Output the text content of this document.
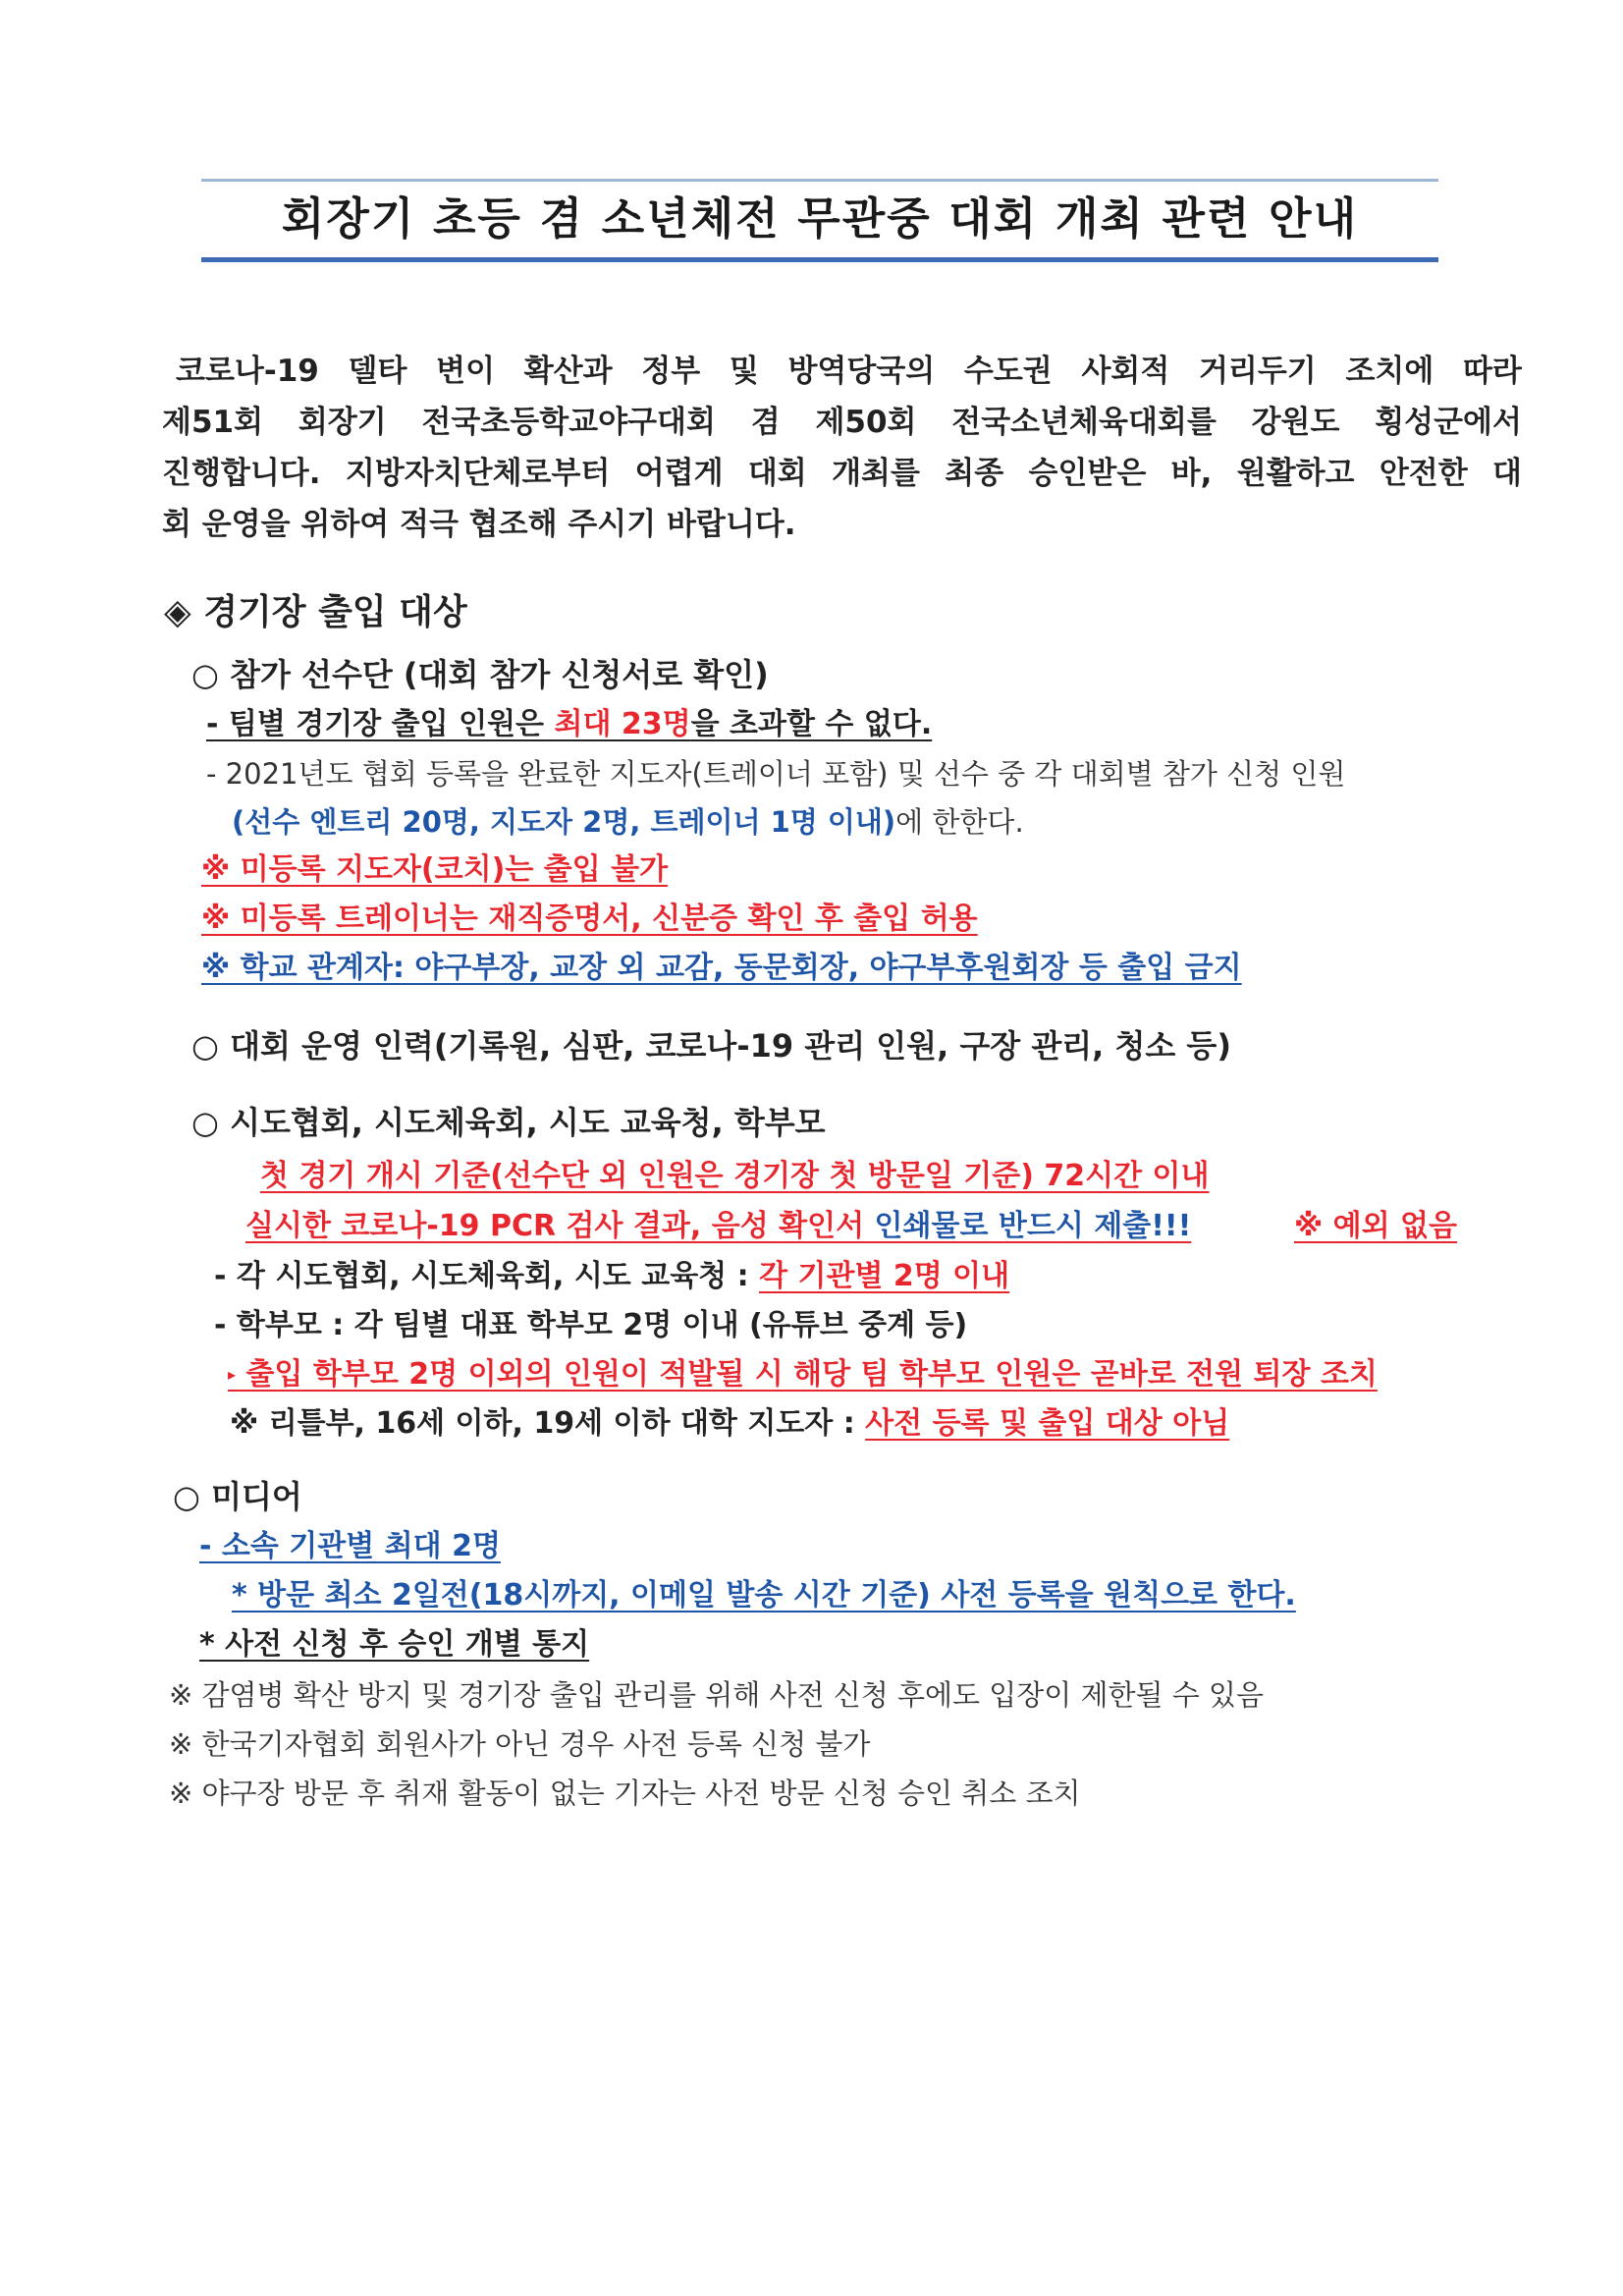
회장기 초등 겸 소년체전 무관중 대회 개최 관련 안내
코로나-19 델타 변이 확산과 정부 및 방역당국의 수도권 사회적 거리두기 조치에 따라
제51회 회장기 전국초등학교야구대회 겸 제50회 전국소년체육대회를 강원도 횡성군에서
진행합니다. 지방자치단체로부터 어렵게 대회 개최를 최종 승인받은 바, 원활하고 안전한 대
회 운영을 위하여 적극 협조해 주시기 바랍니다.
◈ 경기장 출입 대상
○ 참가 선수단 (대회 참가 신청서로 확인)
- 팀별 경기장 출입 인원은 최대 23명을 초과할 수 없다.
- 2021년도 협회 등록을 완료한 지도자(트레이너 포함) 및 선수 중 각 대회별 참가 신청 인원
(선수 엔트리 20명, 지도자 2명, 트레이너 1명 이내)에 한한다.
※ 미등록 지도자(코치)는 출입 불가
※ 미등록 트레이너는 재직증명서, 신분증 확인 후 출입 허용
※ 학교 관계자: 야구부장, 교장 외 교감, 동문회장, 야구부후원회장 등 출입 금지
○ 대회 운영 인력(기록원, 심판, 코로나-19 관리 인원, 구장 관리, 청소 등)
○ 시도협회, 시도체육회, 시도 교육청, 학부모
첫 경기 개시 기준(선수단 외 인원은 경기장 첫 방문일 기준) 72시간 이내
실시한 코로나-19 PCR 검사 결과, 음성 확인서 인쇄물로 반드시 제출!!!	※ 예외 없음
- 각 시도협회, 시도체육회, 시도 교육청 : 각 기관별 2명 이내
- 학부모 : 각 팀별 대표 학부모 2명 이내 (유튜브 중계 등)
▸ 출입 학부모 2명 이외의 인원이 적발될 시 해당 팀 학부모 인원은 곧바로 전원 퇴장 조치
※ 리틀부, 16세 이하, 19세 이하 대학 지도자 : 사전 등록 및 출입 대상 아님
○ 미디어
- 소속 기관별 최대 2명
* 방문 최소 2일전(18시까지, 이메일 발송 시간 기준) 사전 등록을 원칙으로 한다.
* 사전 신청 후 승인 개별 통지
※ 감염병 확산 방지 및 경기장 출입 관리를 위해 사전 신청 후에도 입장이 제한될 수 있음
※ 한국기자협회 회원사가 아닌 경우 사전 등록 신청 불가
※ 야구장 방문 후 취재 활동이 없는 기자는 사전 방문 신청 승인 취소 조치
